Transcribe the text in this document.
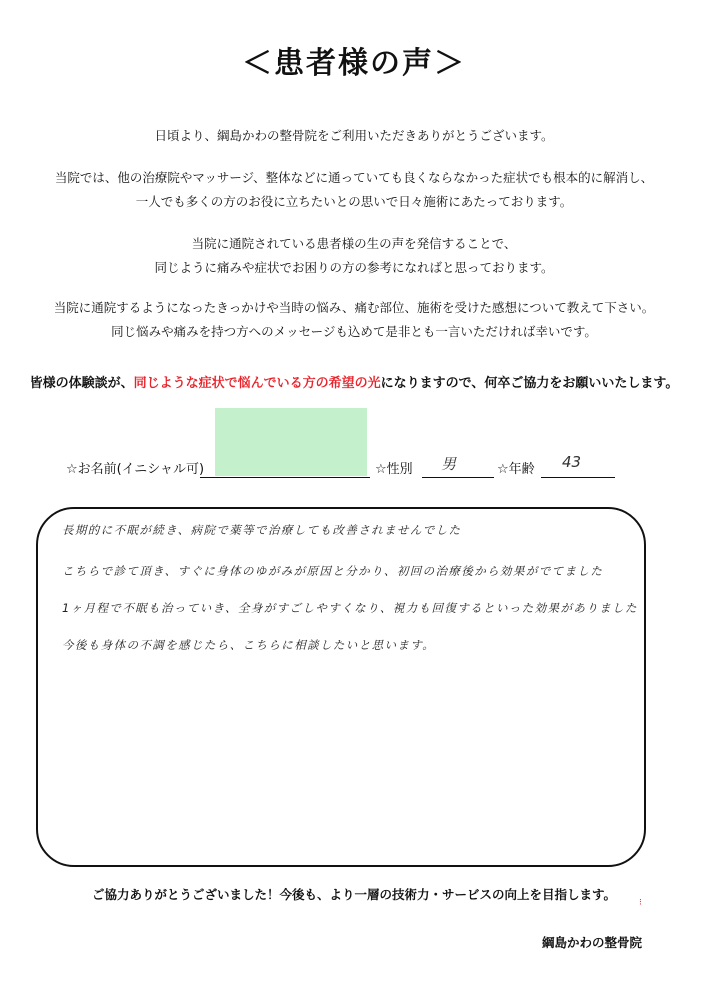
＜患者様の声＞
日頃より、綱島かわの整骨院をご利用いただきありがとうございます。
当院では、他の治療院やマッサージ、整体などに通っていても良くならなかった症状でも根本的に解消し、
一人でも多くの方のお役に立ちたいとの思いで日々施術にあたっております。
当院に通院されている患者様の生の声を発信することで、
同じように痛みや症状でお困りの方の参考になればと思っております。
当院に通院するようになったきっかけや当時の悩み、痛む部位、施術を受けた感想について教えて下さい。
同じ悩みや痛みを持つ方へのメッセージも込めて是非とも一言いただければ幸いです。
皆様の体験談が、同じような症状で悩んでいる方の希望の光になりますので、何卒ご協力をお願いいたします。
☆お名前(イニシャル可)	☆性別 男	☆年齢 43
長期的に不眠が続き、病院で薬等で治療しても改善されませんでした
こちらで診て頂き、すぐに身体のゆがみが原因と分かり、初回の治療後から効果がでてました
1ヶ月程で不眠も治っていき、全身がすごしやすくなり、視力も回復するといった効果がありました
今後も身体の不調を感じたら、こちらに相談したいと思います。
ご協力ありがとうございました！今後も、より一層の技術力・サービスの向上を目指します。
⁝
綱島かわの整骨院
